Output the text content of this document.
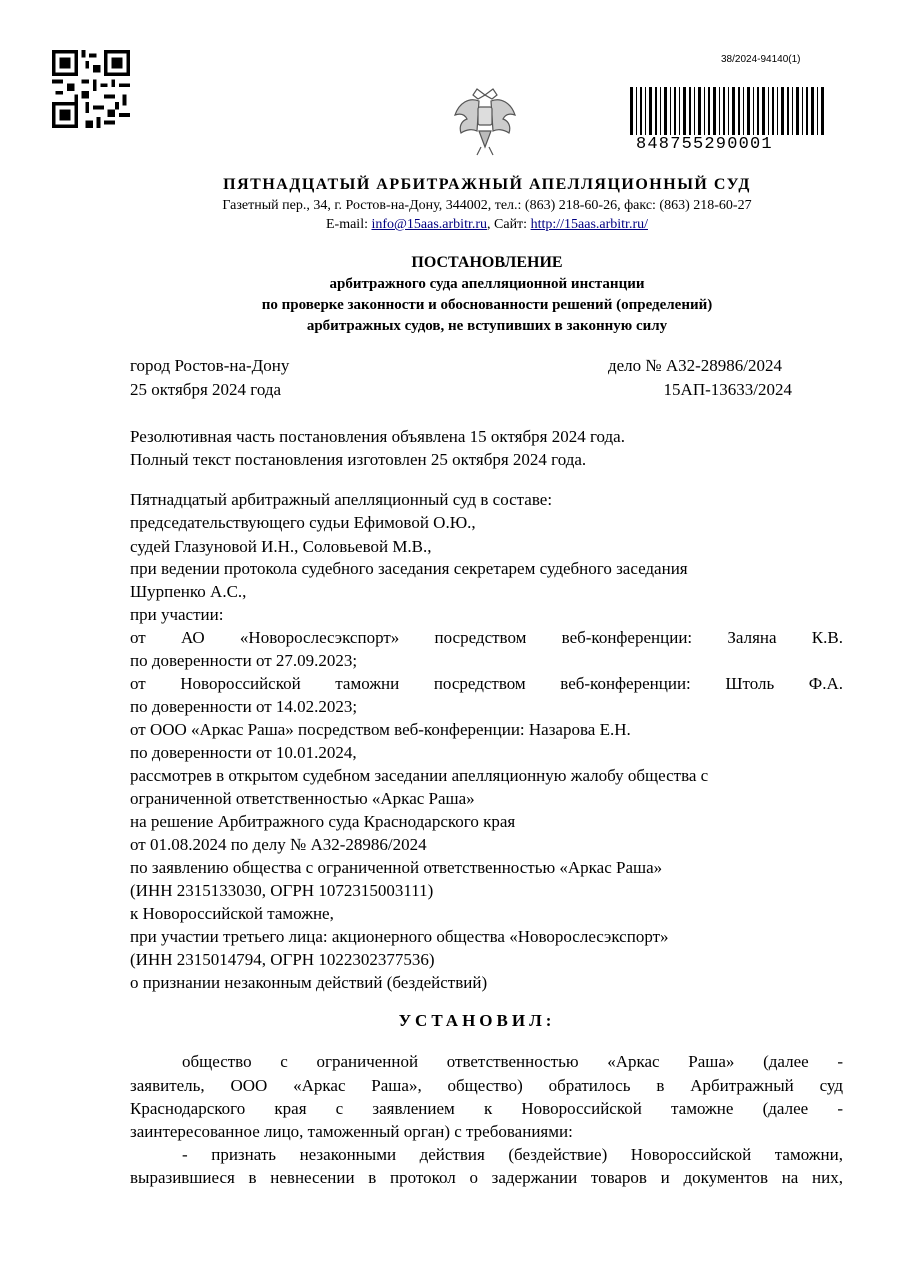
38/2024-94140(1)
848755290001
ПЯТНАДЦАТЫЙ АРБИТРАЖНЫЙ АПЕЛЛЯЦИОННЫЙ СУД
Газетный пер., 34, г. Ростов-на-Дону, 344002, тел.: (863) 218-60-26, факс: (863) 218-60-27
E-mail: info@15aas.arbitr.ru, Сайт: http://15aas.arbitr.ru/
ПОСТАНОВЛЕНИЕ
арбитражного суда апелляционной инстанции
по проверке законности и обоснованности решений (определений)
арбитражных судов, не вступивших в законную силу
город Ростов-на-Дону	дело № А32-28986/2024
25 октября 2024 года	15АП-13633/2024
Резолютивная часть постановления объявлена 15 октября 2024 года.
Полный текст постановления изготовлен 25 октября 2024 года.
Пятнадцатый арбитражный апелляционный суд в составе:
председательствующего судьи Ефимовой О.Ю.,
судей Глазуновой И.Н., Соловьевой М.В.,
при ведении протокола судебного заседания секретарем судебного заседания
Шурпенко А.С.,
при участии:
от АО «Новорослесэкспорт» посредством веб-конференции: Заляна К.В.
по доверенности от 27.09.2023;
от Новороссийской таможни посредством веб-конференции: Штоль Ф.А.
по доверенности от 14.02.2023;
от ООО «Аркас Раша» посредством веб-конференции: Назарова Е.Н.
по доверенности от 10.01.2024,
рассмотрев в открытом судебном заседании апелляционную жалобу общества с
ограниченной ответственностью «Аркас Раша»
на решение Арбитражного суда Краснодарского края
от 01.08.2024 по делу № А32-28986/2024
по заявлению общества с ограниченной ответственностью «Аркас Раша»
(ИНН 2315133030, ОГРН 1072315003111)
к Новороссийской таможне,
при участии третьего лица: акционерного общества «Новорослесэкспорт»
(ИНН 2315014794, ОГРН 1022302377536)
о признании незаконным действий (бездействий)
УСТАНОВИЛ:
общество с ограниченной ответственностью «Аркас Раша» (далее -
заявитель, ООО «Аркас Раша», общество) обратилось в Арбитражный суд
Краснодарского края с заявлением к Новороссийской таможне (далее -
заинтересованное лицо, таможенный орган) с требованиями:
- признать незаконными действия (бездействие) Новороссийской таможни,
выразившиеся в невнесении в протокол о задержании товаров и документов на них,
